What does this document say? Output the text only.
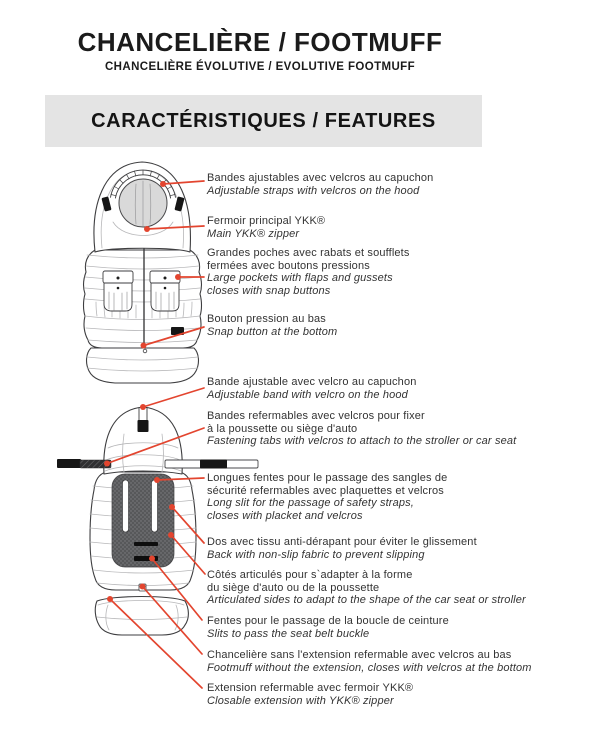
CHANCELIÈRE / FOOTMUFF
CHANCELIÈRE ÉVOLUTIVE / EVOLUTIVE FOOTMUFF
CARACTÉRISTIQUES / FEATURES
Bandes ajustables avec velcros au capuchon
Adjustable straps with velcros on the hood
Fermoir principal YKK®
Main YKK® zipper
Grandes poches avec rabats et soufflets
fermées avec boutons pressions
Large pockets with flaps and gussets
closes with snap buttons
Bouton pression au bas
Snap button at the bottom
Bande ajustable avec velcro au capuchon
Adjustable band with velcro on the hood
Bandes refermables avec velcros pour fixer
à la poussette ou siège d'auto
Fastening tabs with velcros to attach to the stroller or car seat
Longues fentes pour le passage des sangles de
sécurité refermables avec plaquettes et velcros
Long slit for the passage of safety straps,
closes with placket and velcros
Dos avec tissu anti-dérapant pour éviter le glissement
Back with non-slip fabric to prevent slipping
Côtés articulés pour s`adapter à la forme
du siège d'auto ou de la poussette
Articulated sides to adapt to the shape of the car seat or stroller
Fentes pour le passage de la boucle de ceinture
Slits to pass the seat belt buckle
Chancelière sans l'extension refermable avec velcros au bas
Footmuff without the extension, closes with velcros at the bottom
Extension refermable avec fermoir YKK®
Closable extension with YKK® zipper
